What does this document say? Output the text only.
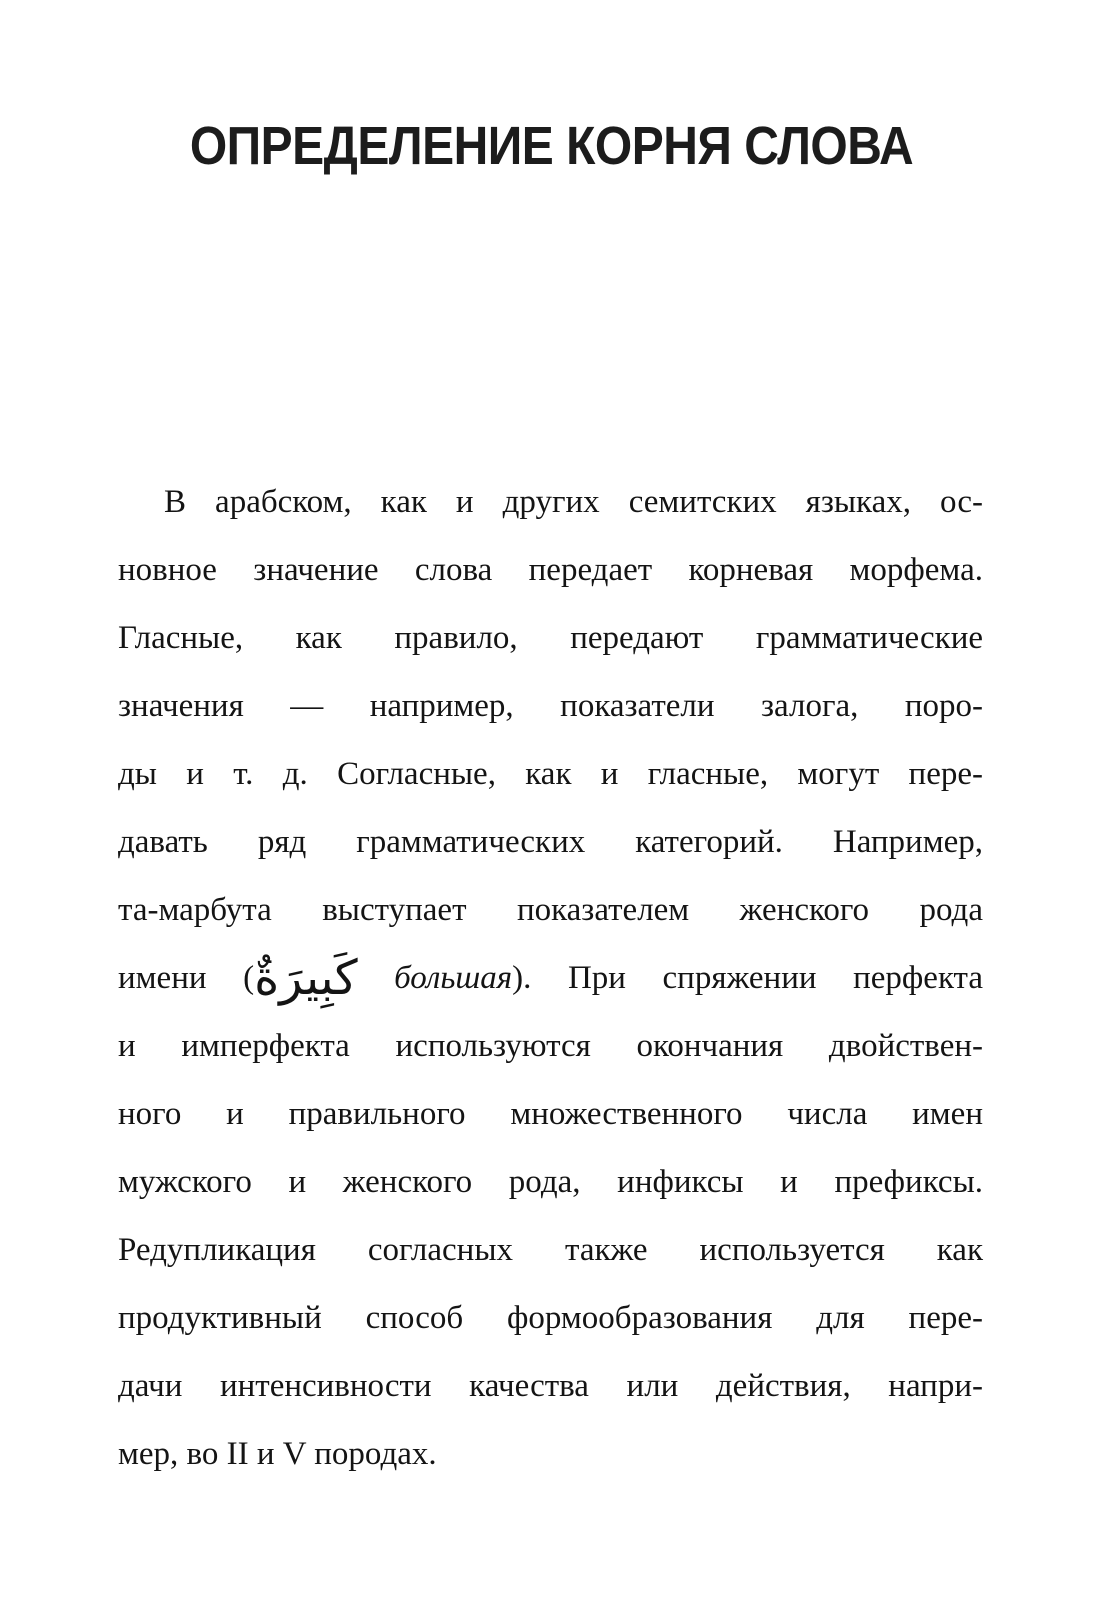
ОПРЕДЕЛЕНИЕ КОРНЯ СЛОВА
В арабском, как и других семитских языках, ос-
новное значение слова передает корневая морфема.
Гласные, как правило, передают грамматические
значения — например, показатели залога, поро-
ды и т. д. Согласные, как и гласные, могут пере-
давать ряд грамматических категорий. Например,
та-марбута выступает показателем женского рода
имени (كَبِيرَةٌ большая). При спряжении перфекта
и имперфекта используются окончания двойствен-
ного и правильного множественного числа имен
мужского и женского рода, инфиксы и префиксы.
Редупликация согласных также используется как
продуктивный способ формообразования для пере-
дачи интенсивности качества или действия, напри-
мер, во II и V породах.
